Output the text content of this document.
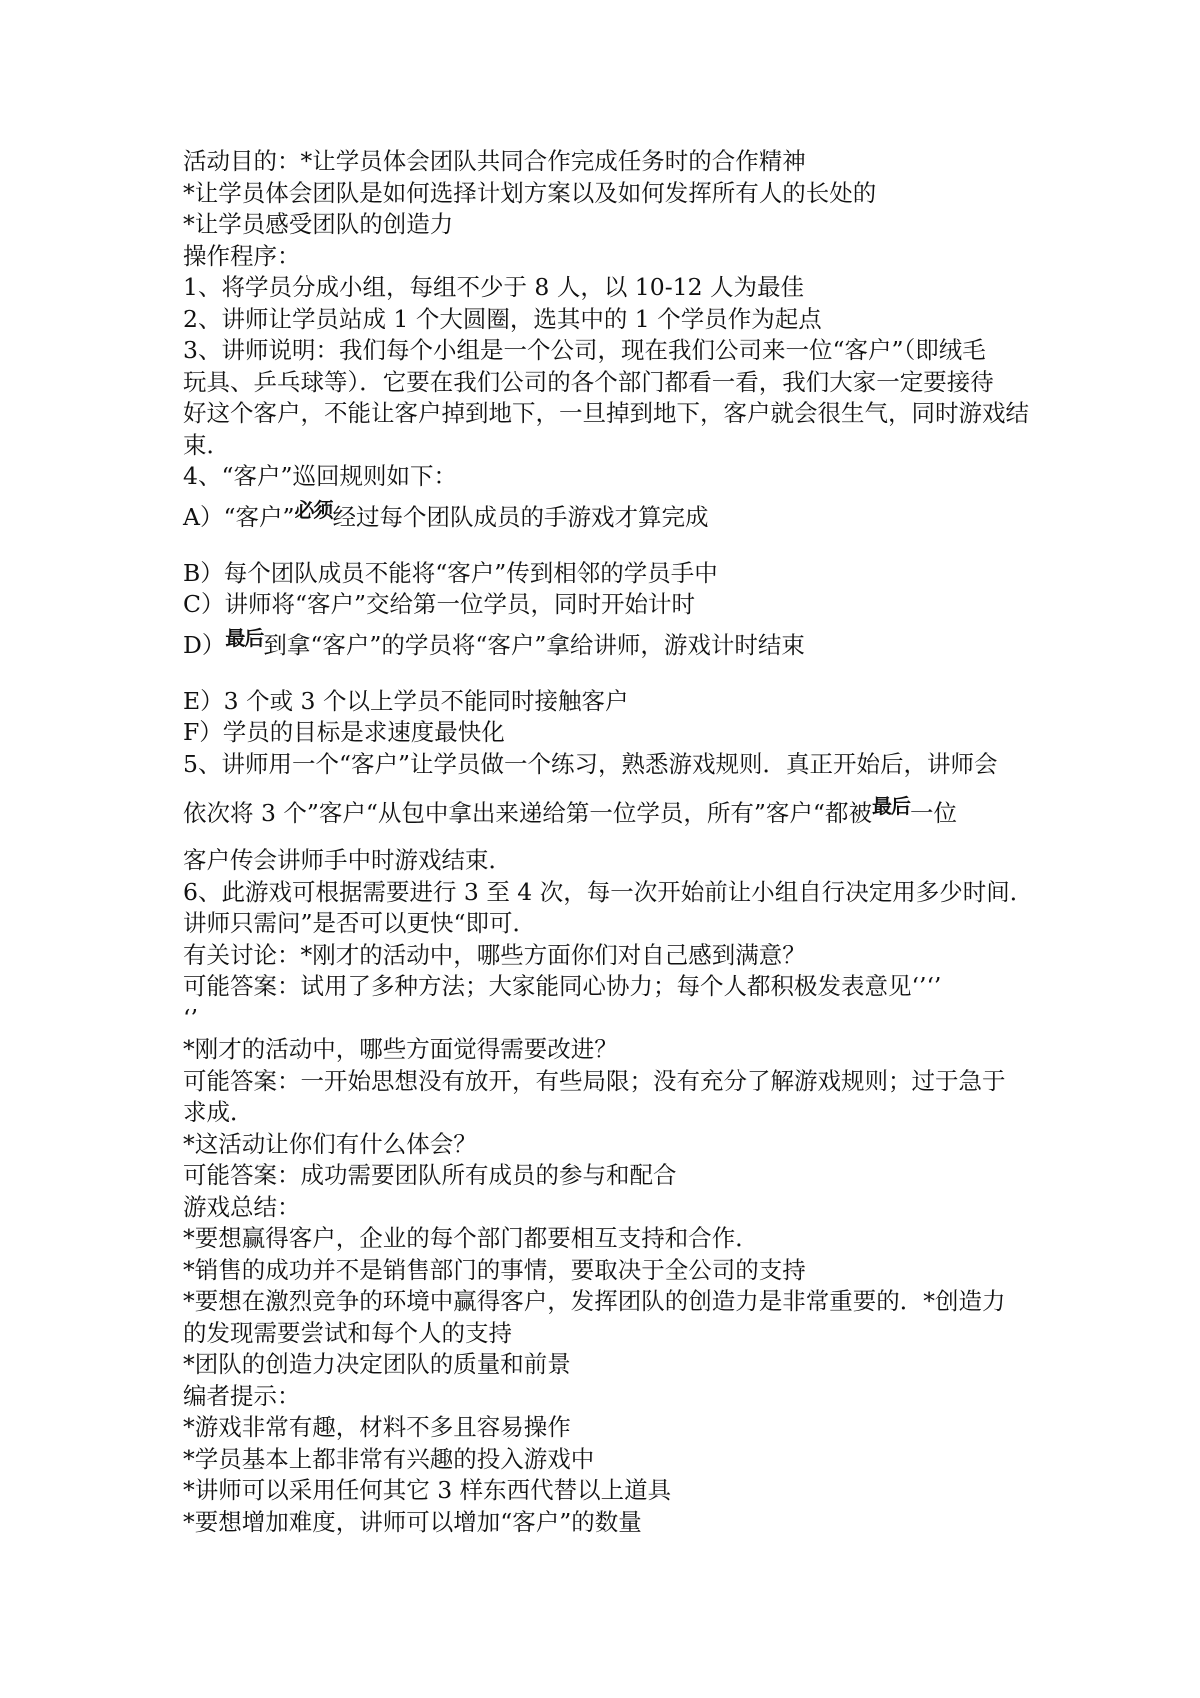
活动目的：*让学员体会团队共同合作完成任务时的合作精神
*让学员体会团队是如何选择计划方案以及如何发挥所有人的长处的
*让学员感受团队的创造力
操作程序：
1、将学员分成小组，每组不少于 8 人，以 10-12 人为最佳
2、讲师让学员站成 1 个大圆圈，选其中的 1 个学员作为起点
3、讲师说明：我们每个小组是一个公司，现在我们公司来一位“客户”（即绒毛
玩具、乒乓球等）．它要在我们公司的各个部门都看一看，我们大家一定要接待
好这个客户，不能让客户掉到地下，一旦掉到地下，客户就会很生气，同时游戏结
束．
4、“客户”巡回规则如下：
A）“客户”必须经过每个团队成员的手游戏才算完成
B）每个团队成员不能将“客户”传到相邻的学员手中
C）讲师将“客户”交给第一位学员，同时开始计时
D）最后到拿“客户”的学员将“客户”拿给讲师，游戏计时结束
E）3 个或 3 个以上学员不能同时接触客户
F）学员的目标是求速度最快化
5、讲师用一个“客户”让学员做一个练习，熟悉游戏规则．真正开始后，讲师会
依次将 3 个”客户“从包中拿出来递给第一位学员，所有”客户“都被最后一位
客户传会讲师手中时游戏结束．
6、此游戏可根据需要进行 3 至 4 次，每一次开始前让小组自行决定用多少时间．
讲师只需问”是否可以更快“即可．
有关讨论：*刚才的活动中，哪些方面你们对自己感到满意？
可能答案：试用了多种方法；大家能同心协力；每个人都积极发表意见‘’‘’
‘’
*刚才的活动中，哪些方面觉得需要改进？
可能答案：一开始思想没有放开，有些局限；没有充分了解游戏规则；过于急于
求成．
*这活动让你们有什么体会？
可能答案：成功需要团队所有成员的参与和配合
游戏总结：
*要想赢得客户，企业的每个部门都要相互支持和合作．
*销售的成功并不是销售部门的事情，要取决于全公司的支持
*要想在激烈竞争的环境中赢得客户，发挥团队的创造力是非常重要的．*创造力
的发现需要尝试和每个人的支持
*团队的创造力决定团队的质量和前景
编者提示：
*游戏非常有趣，材料不多且容易操作
*学员基本上都非常有兴趣的投入游戏中
*讲师可以采用任何其它 3 样东西代替以上道具
*要想增加难度，讲师可以增加“客户”的数量
